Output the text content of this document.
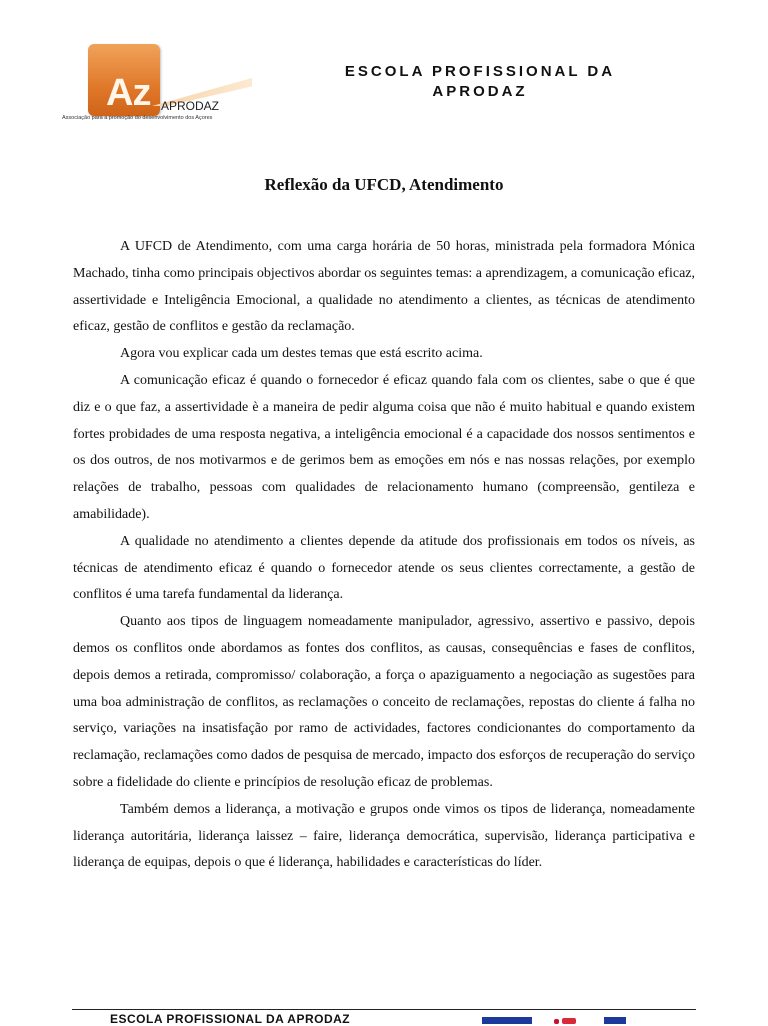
Az APRODAZ
Associação para a promoção do desenvolvimento dos Açores
ESCOLA PROFISSIONAL DA
APRODAZ
Reflexão da UFCD, Atendimento

A UFCD de Atendimento, com uma carga horária de 50 horas, ministrada pela formadora Mónica Machado, tinha como principais objectivos abordar os seguintes temas: a aprendizagem, a comunicação eficaz, assertividade e Inteligência Emocional, a qualidade no atendimento a clientes, as técnicas de atendimento eficaz, gestão de conflitos e gestão da reclamação.

Agora vou explicar cada um destes temas que está escrito acima.

A comunicação eficaz é quando o fornecedor é eficaz quando fala com os clientes, sabe o que é que diz e o que faz, a assertividade è a maneira de pedir alguma coisa que não é muito habitual e quando existem fortes probidades de uma resposta negativa, a inteligência emocional é a capacidade dos nossos sentimentos e os dos outros, de nos motivarmos e de gerimos bem as emoções em nós e nas nossas relações, por exemplo relações de trabalho, pessoas com qualidades de relacionamento humano (compreensão, gentileza e amabilidade).

A qualidade no atendimento a clientes depende da atitude dos profissionais em todos os níveis, as técnicas de atendimento eficaz é quando o fornecedor atende os seus clientes correctamente, a gestão de conflitos é uma tarefa fundamental da liderança.

Quanto aos tipos de linguagem nomeadamente manipulador, agressivo, assertivo e passivo, depois demos os conflitos onde abordamos as fontes dos conflitos, as causas, consequências e fases de conflitos, depois demos a retirada, compromisso/ colaboração, a força o apaziguamento a negociação as sugestões para uma boa administração de conflitos, as reclamações o conceito de reclamações, repostas do cliente á falha no serviço, variações na insatisfação por ramo de actividades, factores condicionantes do comportamento da reclamação, reclamações como dados de pesquisa de mercado, impacto dos esforços de recuperação do serviço sobre a fidelidade do cliente e princípios de resolução eficaz de problemas.

Também demos a liderança, a motivação e grupos onde vimos os tipos de liderança, nomeadamente liderança autoritária, liderança laissez – faire, liderança democrática, supervisão, liderança participativa e liderança de equipas, depois o que é liderança, habilidades e características do líder.

ESCOLA PROFISSIONAL DA APRODAZ
